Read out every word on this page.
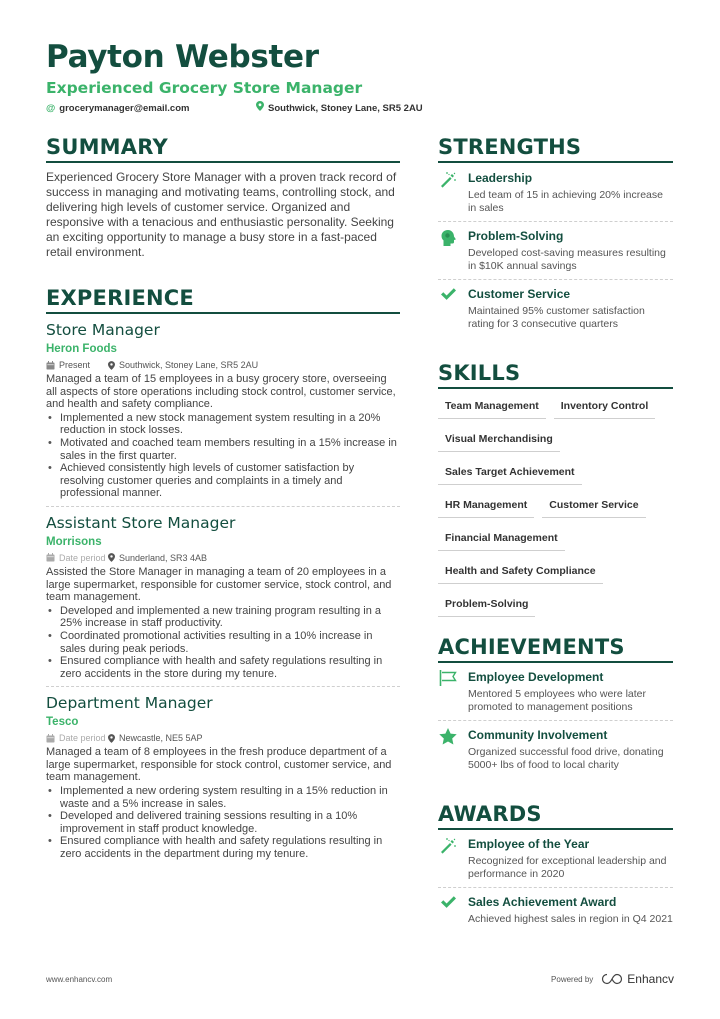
Payton Webster
Experienced Grocery Store Manager
@ grocerymanager@email.com	Southwick, Stoney Lane, SR5 2AU
SUMMARY

Experienced Grocery Store Manager with a proven track record of success in managing and motivating teams, controlling stock, and delivering high levels of customer service. Organized and responsive with a tenacious and enthusiastic personality. Seeking an exciting opportunity to manage a busy store in a fast-paced retail environment.

EXPERIENCE
Store Manager
Heron Foods
Present	Southwick, Stoney Lane, SR5 2AU

Managed a team of 15 employees in a busy grocery store, overseeing all aspects of store operations including stock control, customer service, and health and safety compliance.

• Implemented a new stock management system resulting in a 20% reduction in stock losses.
• Motivated and coached team members resulting in a 15% increase in sales in the first quarter.
• Achieved consistently high levels of customer satisfaction by resolving customer queries and complaints in a timely and professional manner.
Assistant Store Manager
Morrisons
Date period Sunderland, SR3 4AB

Assisted the Store Manager in managing a team of 20 employees in a large supermarket, responsible for customer service, stock control, and team management.

• Developed and implemented a new training program resulting in a 25% increase in staff productivity.
• Coordinated promotional activities resulting in a 10% increase in sales during peak periods.
• Ensured compliance with health and safety regulations resulting in zero accidents in the store during my tenure.
Department Manager
Tesco
Date period Newcastle, NE5 5AP

Managed a team of 8 employees in the fresh produce department of a large supermarket, responsible for stock control, customer service, and team management.

• Implemented a new ordering system resulting in a 15% reduction in waste and a 5% increase in sales.
• Developed and delivered training sessions resulting in a 10% improvement in staff product knowledge.
• Ensured compliance with health and safety regulations resulting in zero accidents in the department during my tenure.
STRENGTHS
Leadership
Led team of 15 in achieving 20% increase in sales
Problem-Solving
Developed cost-saving measures resulting in $10K annual savings
Customer Service
Maintained 95% customer satisfaction rating for 3 consecutive quarters
SKILLS
Team Management	Inventory Control
Visual Merchandising
Sales Target Achievement
HR Management	Customer Service
Financial Management
Health and Safety Compliance
Problem-Solving
ACHIEVEMENTS
Employee Development
Mentored 5 employees who were later promoted to management positions
Community Involvement
Organized successful food drive, donating 5000+ lbs of food to local charity
AWARDS
Employee of the Year
Recognized for exceptional leadership and performance in 2020
Sales Achievement Award
Achieved highest sales in region in Q4 2021
www.enhancv.com	Powered by	Enhancv
